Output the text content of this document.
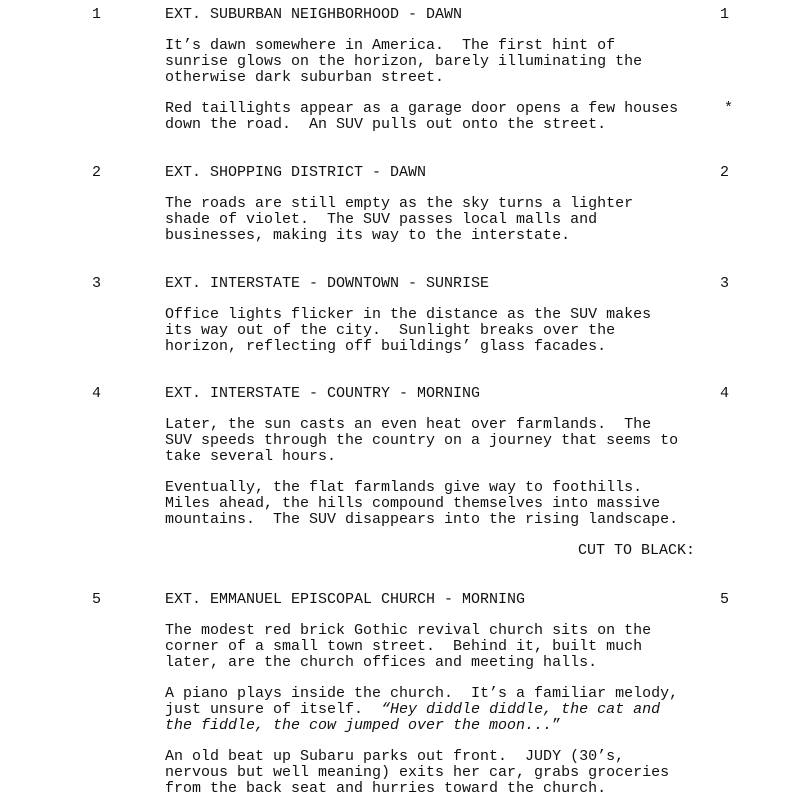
1	EXT. SUBURBAN NEIGHBORHOOD - DAWN	1

It’s dawn somewhere in America.  The first hint of
sunrise glows on the horizon, barely illuminating the
otherwise dark suburban street.

Red taillights appear as a garage door opens a few houses
down the road.  An SUV pulls out onto the street.

*
2	EXT. SHOPPING DISTRICT - DAWN	2

The roads are still empty as the sky turns a lighter
shade of violet.  The SUV passes local malls and
businesses, making its way to the interstate.

3	EXT. INTERSTATE - DOWNTOWN - SUNRISE	3

Office lights flicker in the distance as the SUV makes
its way out of the city.  Sunlight breaks over the
horizon, reflecting off buildings’ glass facades.

4	EXT. INTERSTATE - COUNTRY - MORNING	4

Later, the sun casts an even heat over farmlands.  The
SUV speeds through the country on a journey that seems to
take several hours.

Eventually, the flat farmlands give way to foothills.
Miles ahead, the hills compound themselves into massive
mountains.  The SUV disappears into the rising landscape.

CUT TO BLACK:
5	EXT. EMMANUEL EPISCOPAL CHURCH - MORNING	5

The modest red brick Gothic revival church sits on the
corner of a small town street.  Behind it, built much
later, are the church offices and meeting halls.

A piano plays inside the church.  It’s a familiar melody,
just unsure of itself.  “Hey diddle diddle, the cat and
the fiddle, the cow jumped over the moon...”

An old beat up Subaru parks out front.  JUDY (30’s,
nervous but well meaning) exits her car, grabs groceries
from the back seat and hurries toward the church.
